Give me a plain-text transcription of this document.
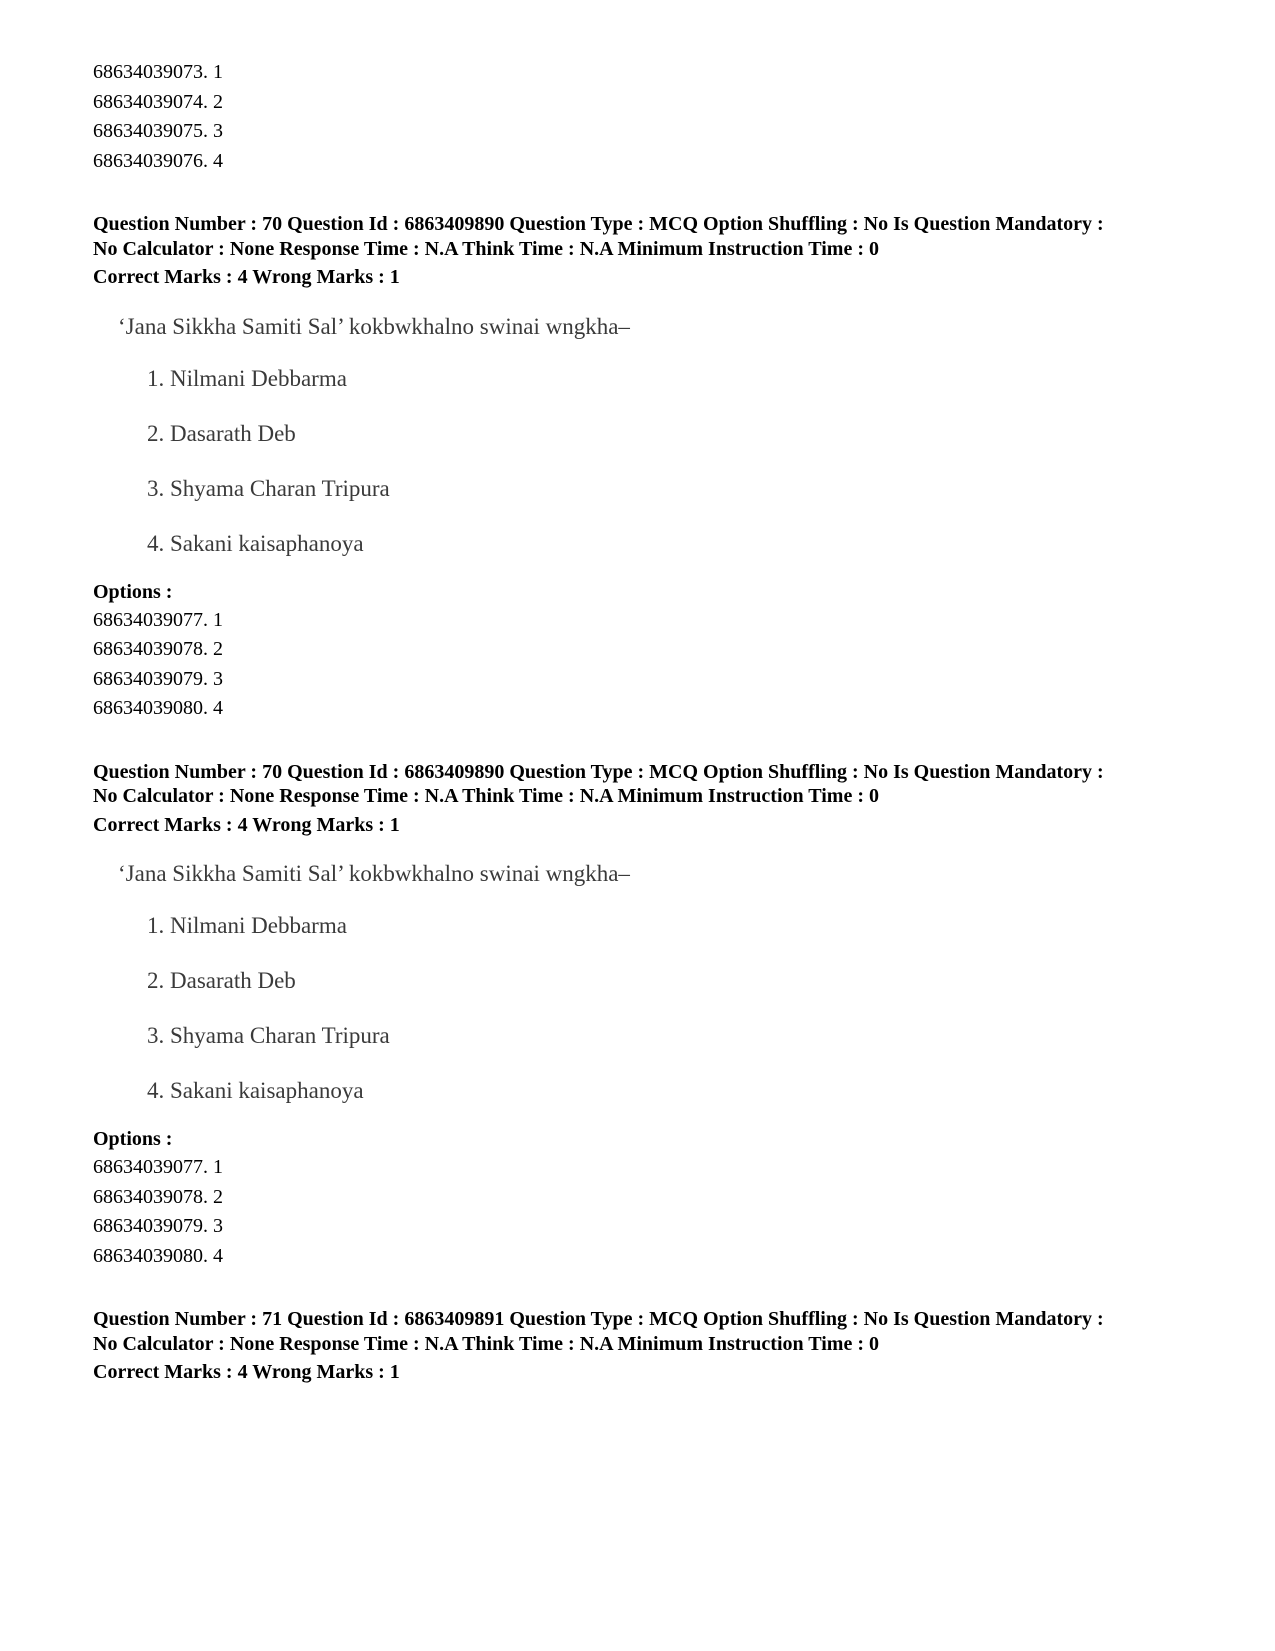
68634039073. 1
68634039074. 2
68634039075. 3
68634039076. 4
Question Number : 70 Question Id : 6863409890 Question Type : MCQ Option Shuffling : No Is Question Mandatory :
No Calculator : None Response Time : N.A Think Time : N.A Minimum Instruction Time : 0
Correct Marks : 4 Wrong Marks : 1
‘Jana Sikkha Samiti Sal’ kokbwkhalno swinai wngkha–
1. Nilmani Debbarma
2. Dasarath Deb
3. Shyama Charan Tripura
4. Sakani kaisaphanoya
Options :
68634039077. 1
68634039078. 2
68634039079. 3
68634039080. 4
Question Number : 70 Question Id : 6863409890 Question Type : MCQ Option Shuffling : No Is Question Mandatory :
No Calculator : None Response Time : N.A Think Time : N.A Minimum Instruction Time : 0
Correct Marks : 4 Wrong Marks : 1
‘Jana Sikkha Samiti Sal’ kokbwkhalno swinai wngkha–
1. Nilmani Debbarma
2. Dasarath Deb
3. Shyama Charan Tripura
4. Sakani kaisaphanoya
Options :
68634039077. 1
68634039078. 2
68634039079. 3
68634039080. 4
Question Number : 71 Question Id : 6863409891 Question Type : MCQ Option Shuffling : No Is Question Mandatory :
No Calculator : None Response Time : N.A Think Time : N.A Minimum Instruction Time : 0
Correct Marks : 4 Wrong Marks : 1
